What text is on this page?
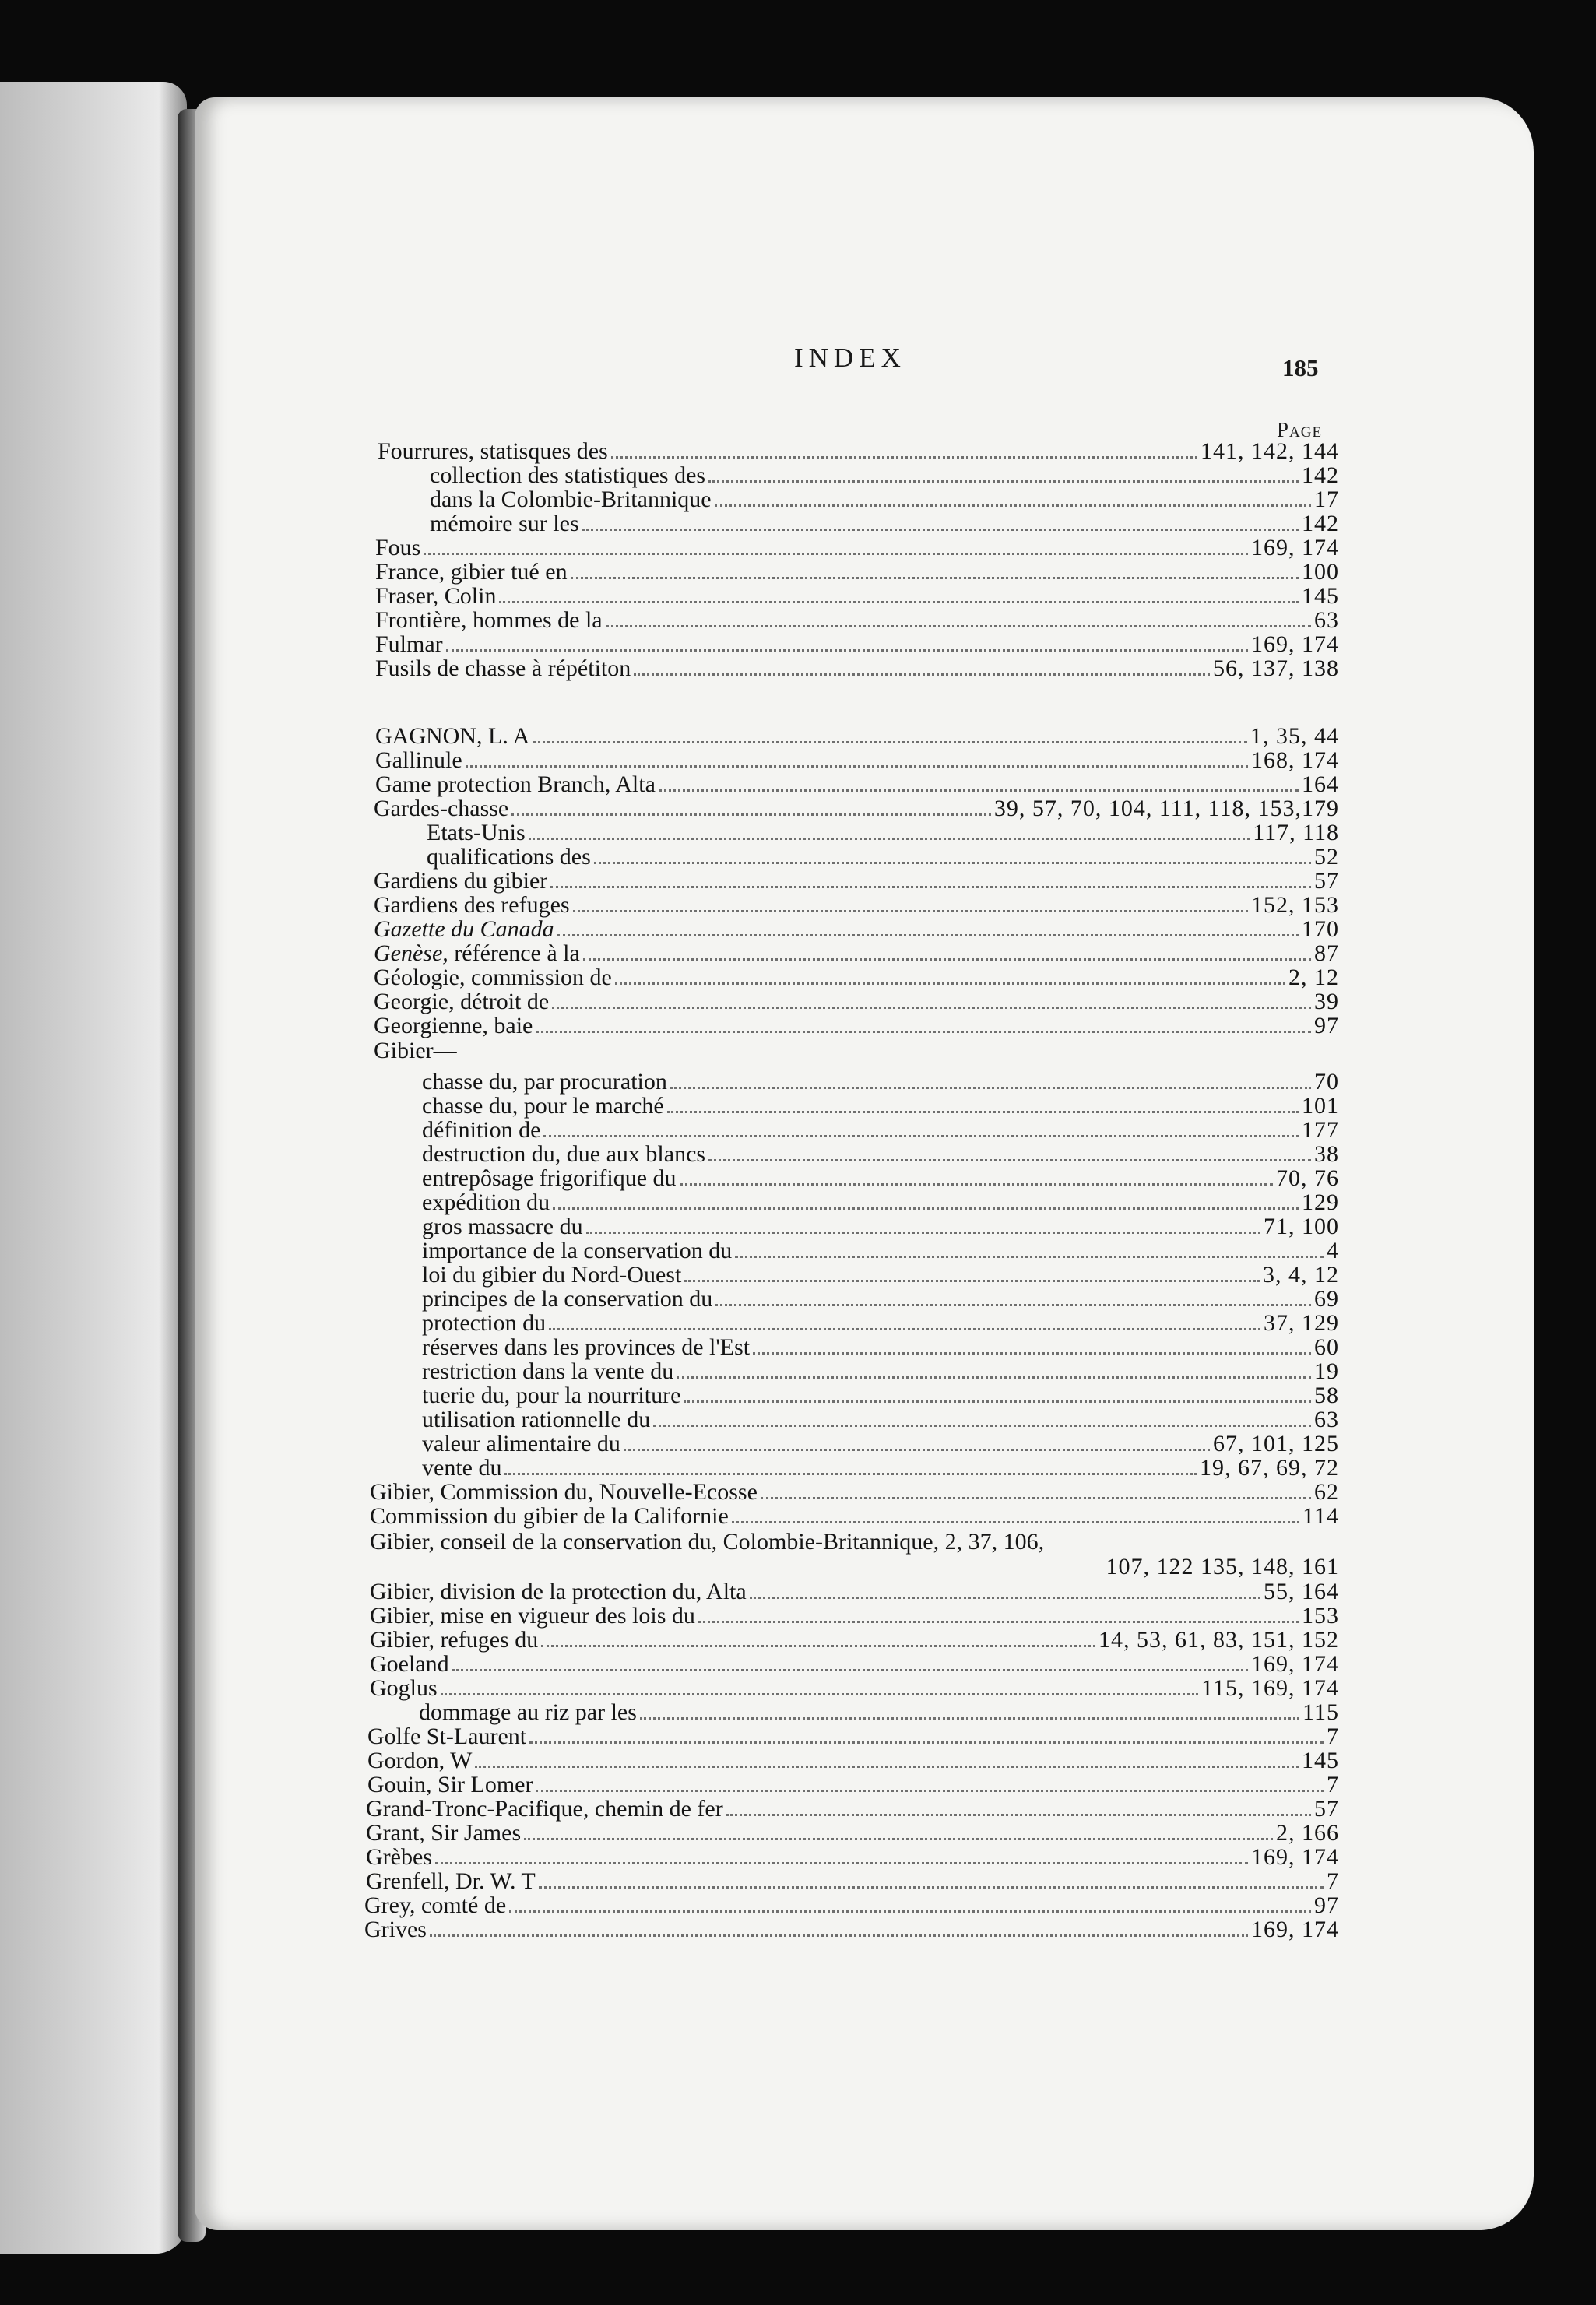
INDEX	185
Page
Fourrures, statisques des	141, 142, 144
collection des statistiques des	142
dans la Colombie-Britannique	17
mémoire sur les	142
Fous	169, 174
France, gibier tué en	100
Fraser, Colin	145
Frontière, hommes de la	63
Fulmar	169, 174
Fusils de chasse à répétiton	56, 137, 138
GAGNON, L. A	1, 35, 44
Gallinule	168, 174
Game protection Branch, Alta	164
Gardes-chasse	39, 57, 70, 104, 111, 118, 153,179
Etats-Unis	117, 118
qualifications des	52
Gardiens du gibier	57
Gardiens des refuges	152, 153
Gazette du Canada	170
Genèse, référence à la	87
Géologie, commission de	2, 12
Georgie, détroit de	39
Georgienne, baie	97
Gibier—
chasse du, par procuration	70
chasse du, pour le marché	101
définition de	177
destruction du, due aux blancs	38
entrepôsage frigorifique du	70, 76
expédition du	129
gros massacre du	71, 100
importance de la conservation du	4
loi du gibier du Nord-Ouest	3, 4, 12
principes de la conservation du	69
protection du	37, 129
réserves dans les provinces de l'Est	60
restriction dans la vente du	19
tuerie du, pour la nourriture	58
utilisation rationnelle du	63
valeur alimentaire du	67, 101, 125
vente du	19, 67, 69, 72
Gibier, Commission du, Nouvelle-Ecosse	62
Commission du gibier de la Californie	114
Gibier, conseil de la conservation du, Colombie-Britannique, 2, 37, 106,
107, 122 135, 148, 161
Gibier, division de la protection du, Alta	55, 164
Gibier, mise en vigueur des lois du	153
Gibier, refuges du	14, 53, 61, 83, 151, 152
Goeland	169, 174
Goglus	115, 169, 174
dommage au riz par les	115
Golfe St-Laurent	7
Gordon, W	145
Gouin, Sir Lomer	7
Grand-Tronc-Pacifique, chemin de fer	57
Grant, Sir James	2, 166
Grèbes	169, 174
Grenfell, Dr. W. T	7
Grey, comté de	97
Grives	169, 174
